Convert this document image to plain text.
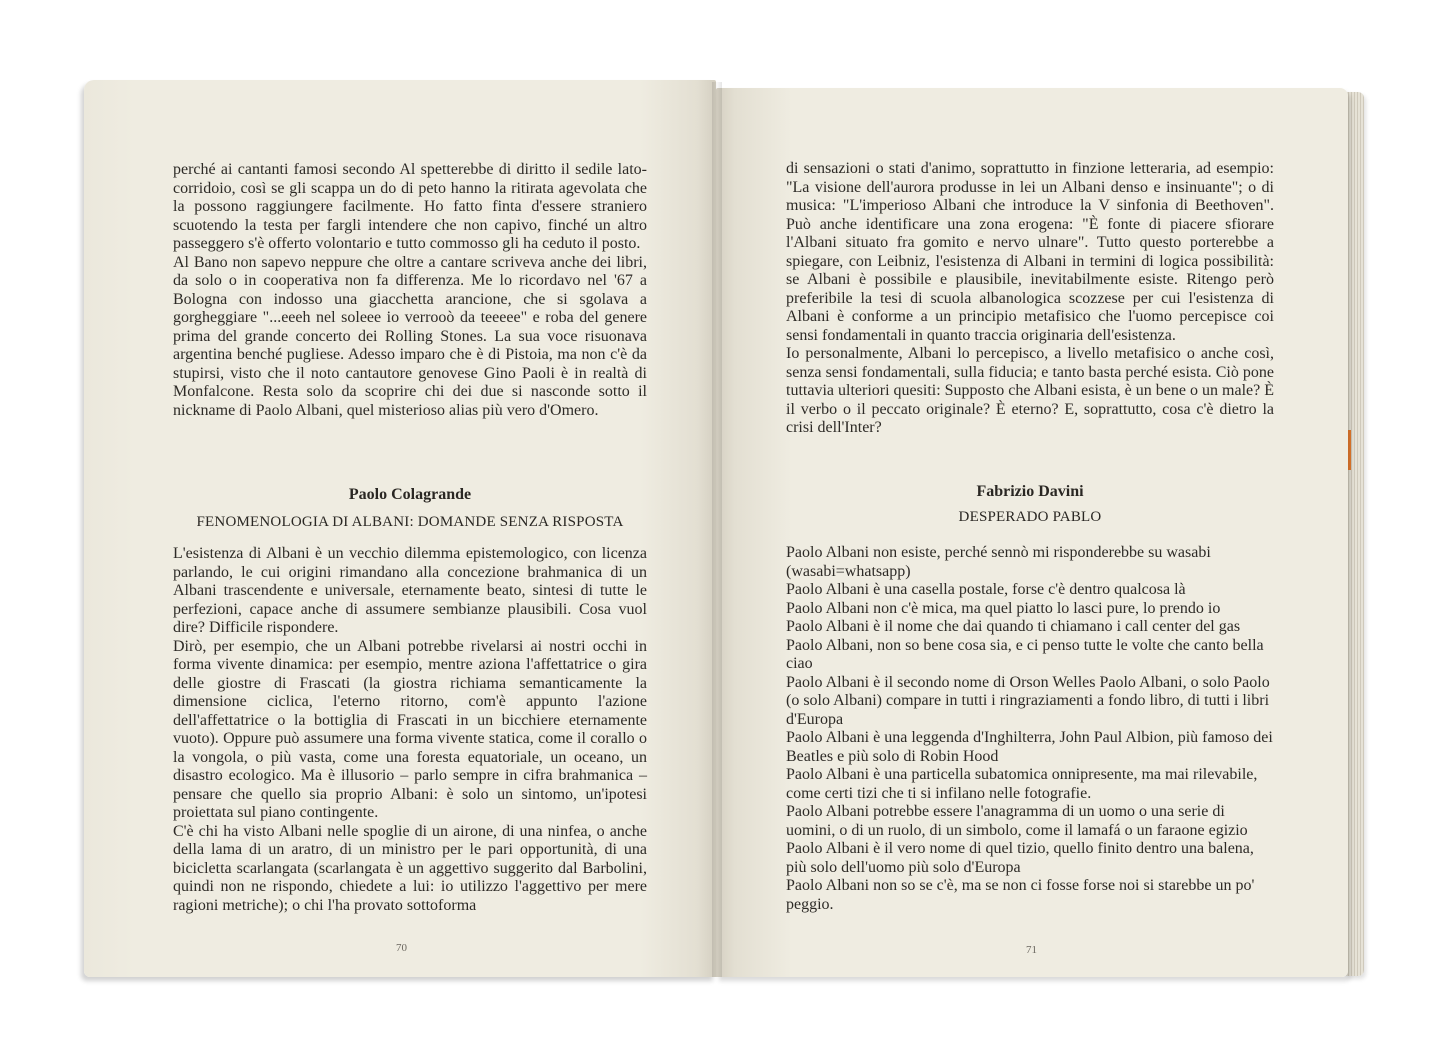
perché ai cantanti famosi secondo Al spetterebbe di diritto il sedile lato-corridoio, così se gli scappa un do di peto hanno la ritirata agevolata che la possono raggiungere facilmente. Ho fatto finta d'essere straniero scuotendo la testa per fargli intendere che non capivo, finché un altro passeggero s'è offerto volontario e tutto commosso gli ha ceduto il posto.

Al Bano non sapevo neppure che oltre a cantare scriveva anche dei libri, da solo o in cooperativa non fa differenza. Me lo ricordavo nel '67 a Bologna con indosso una giacchetta arancione, che si sgolava a gorgheggiare "...eeeh nel soleee io verrooò da teeeee" e roba del genere prima del grande concerto dei Rolling Stones. La sua voce risuonava argentina benché pugliese. Adesso imparo che è di Pistoia, ma non c'è da stupirsi, visto che il noto cantautore genovese Gino Paoli è in realtà di Monfalcone. Resta solo da scoprire chi dei due si nasconde sotto il nickname di Paolo Albani, quel misterioso alias più vero d'Omero.

Paolo Colagrande
FENOMENOLOGIA DI ALBANI: DOMANDE SENZA RISPOSTA

L'esistenza di Albani è un vecchio dilemma epistemologico, con licenza parlando, le cui origini rimandano alla concezione brahmanica di un Albani trascendente e universale, eternamente beato, sintesi di tutte le perfezioni, capace anche di assumere sembianze plausibili. Cosa vuol dire? Difficile rispondere.

Dirò, per esempio, che un Albani potrebbe rivelarsi ai nostri occhi in forma vivente dinamica: per esempio, mentre aziona l'affettatrice o gira delle giostre di Frascati (la giostra richiama semanticamente la dimensione ciclica, l'eterno ritorno, com'è appunto l'azione dell'affettatrice o la bottiglia di Frascati in un bicchiere eternamente vuoto). Oppure può assumere una forma vivente statica, come il corallo o la vongola, o più vasta, come una foresta equatoriale, un oceano, un disastro ecologico. Ma è illusorio – parlo sempre in cifra brahmanica – pensare che quello sia proprio Albani: è solo un sintomo, un'ipotesi proiettata sul piano contingente.

C'è chi ha visto Albani nelle spoglie di un airone, di una ninfea, o anche della lama di un aratro, di un ministro per le pari opportunità, di una bicicletta scarlangata (scarlangata è un aggettivo suggerito dal Barbolini, quindi non ne rispondo, chiedete a lui: io utilizzo l'aggettivo per mere ragioni metriche); o chi l'ha provato sottoforma

70

di sensazioni o stati d'animo, soprattutto in finzione letteraria, ad esempio: "La visione dell'aurora produsse in lei un Albani denso e insinuante"; o di musica: "L'imperioso Albani che introduce la V sinfonia di Beethoven". Può anche identificare una zona erogena: "È fonte di piacere sfiorare l'Albani situato fra gomito e nervo ulnare". Tutto questo porterebbe a spiegare, con Leibniz, l'esistenza di Albani in termini di logica possibilità: se Albani è possibile e plausibile, inevitabilmente esiste. Ritengo però preferibile la tesi di scuola albanologica scozzese per cui l'esistenza di Albani è conforme a un principio metafisico che l'uomo percepisce coi sensi fondamentali in quanto traccia originaria dell'esistenza.

Io personalmente, Albani lo percepisco, a livello metafisico o anche così, senza sensi fondamentali, sulla fiducia; e tanto basta perché esista. Ciò pone tuttavia ulteriori quesiti: Supposto che Albani esista, è un bene o un male? È il verbo o il peccato originale? È eterno? E, soprattutto, cosa c'è dietro la crisi dell'Inter?

Fabrizio Davini
DESPERADO PABLO

Paolo Albani non esiste, perché sennò mi risponderebbe su wasabi (wasabi=whatsapp)

Paolo Albani è una casella postale, forse c'è dentro qualcosa là

Paolo Albani non c'è mica, ma quel piatto lo lasci pure, lo prendo io

Paolo Albani è il nome che dai quando ti chiamano i call center del gas

Paolo Albani, non so bene cosa sia, e ci penso tutte le volte che canto bella ciao

Paolo Albani è il secondo nome di Orson Welles Paolo Albani, o solo Paolo (o solo Albani) compare in tutti i ringraziamenti a fondo libro, di tutti i libri d'Europa

Paolo Albani è una leggenda d'Inghilterra, John Paul Albion, più famoso dei Beatles e più solo di Robin Hood

Paolo Albani è una particella subatomica onnipresente, ma mai rilevabile, come certi tizi che ti si infilano nelle fotografie.

Paolo Albani potrebbe essere l'anagramma di un uomo o una serie di uomini, o di un ruolo, di un simbolo, come il lamafá o un faraone egizio

Paolo Albani è il vero nome di quel tizio, quello finito dentro una balena, più solo dell'uomo più solo d'Europa

Paolo Albani non so se c'è, ma se non ci fosse forse noi si starebbe un po' peggio.

71
